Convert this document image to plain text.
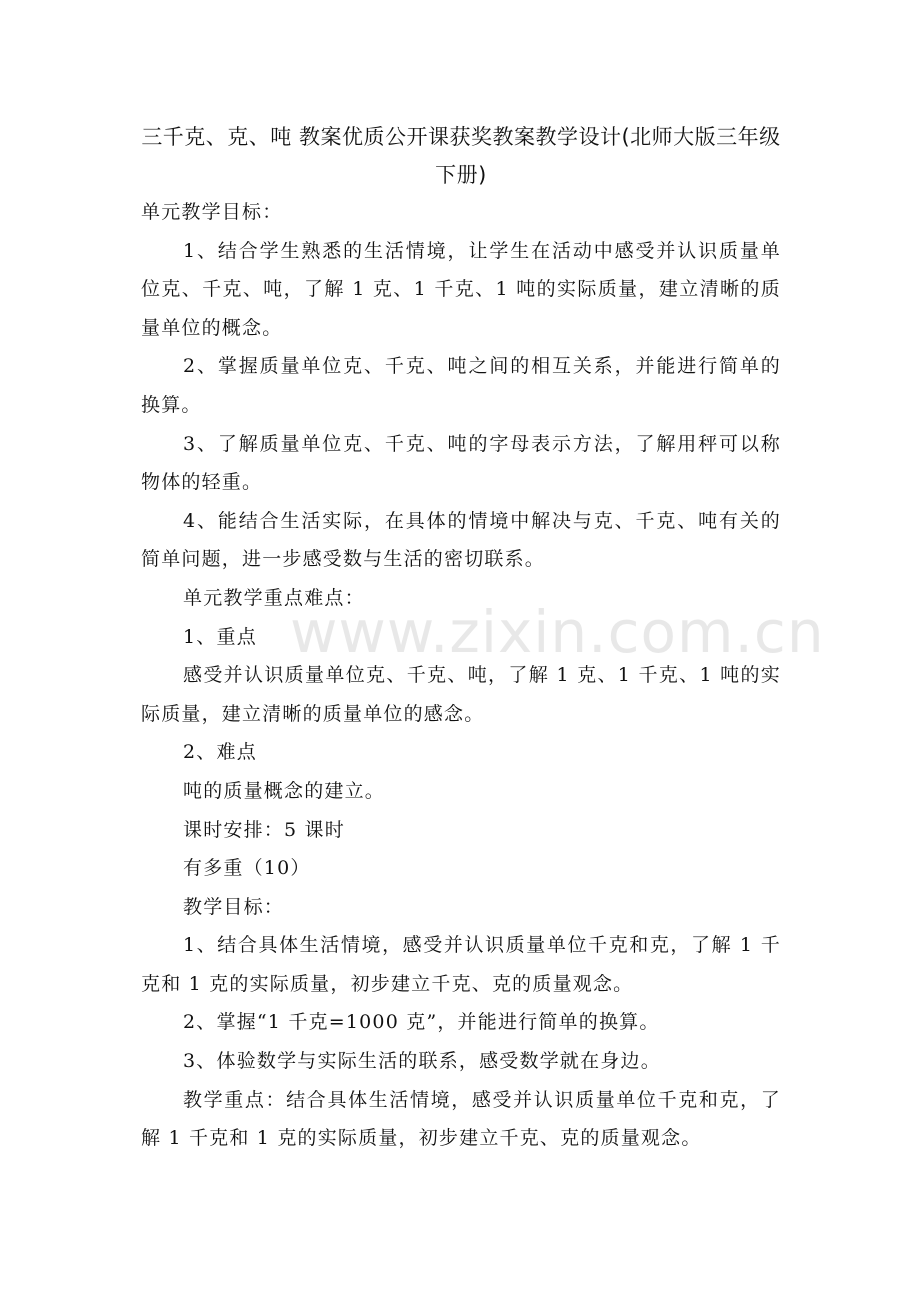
三千克、克、吨 教案优质公开课获奖教案教学设计(北师大版三年级下册)

单元教学目标：

1、结合学生熟悉的生活情境，让学生在活动中感受并认识质量单位克、千克、吨，了解 1 克、1 千克、1 吨的实际质量，建立清晰的质量单位的概念。

2、掌握质量单位克、千克、吨之间的相互关系，并能进行简单的换算。

3、了解质量单位克、千克、吨的字母表示方法，了解用秤可以称物体的轻重。

4、能结合生活实际，在具体的情境中解决与克、千克、吨有关的简单问题，进一步感受数与生活的密切联系。

单元教学重点难点：

1、重点

感受并认识质量单位克、千克、吨，了解 1 克、1 千克、1 吨的实际质量，建立清晰的质量单位的感念。

2、难点

吨的质量概念的建立。

课时安排：5 课时

有多重（10）

教学目标：

1、结合具体生活情境，感受并认识质量单位千克和克，了解 1 千克和 1 克的实际质量，初步建立千克、克的质量观念。

2、掌握“1 千克=1000 克”，并能进行简单的换算。

3、体验数学与实际生活的联系，感受数学就在身边。

教学重点：结合具体生活情境，感受并认识质量单位千克和克，了解 1 千克和 1 克的实际质量，初步建立千克、克的质量观念。

www.zixin.com.cn
